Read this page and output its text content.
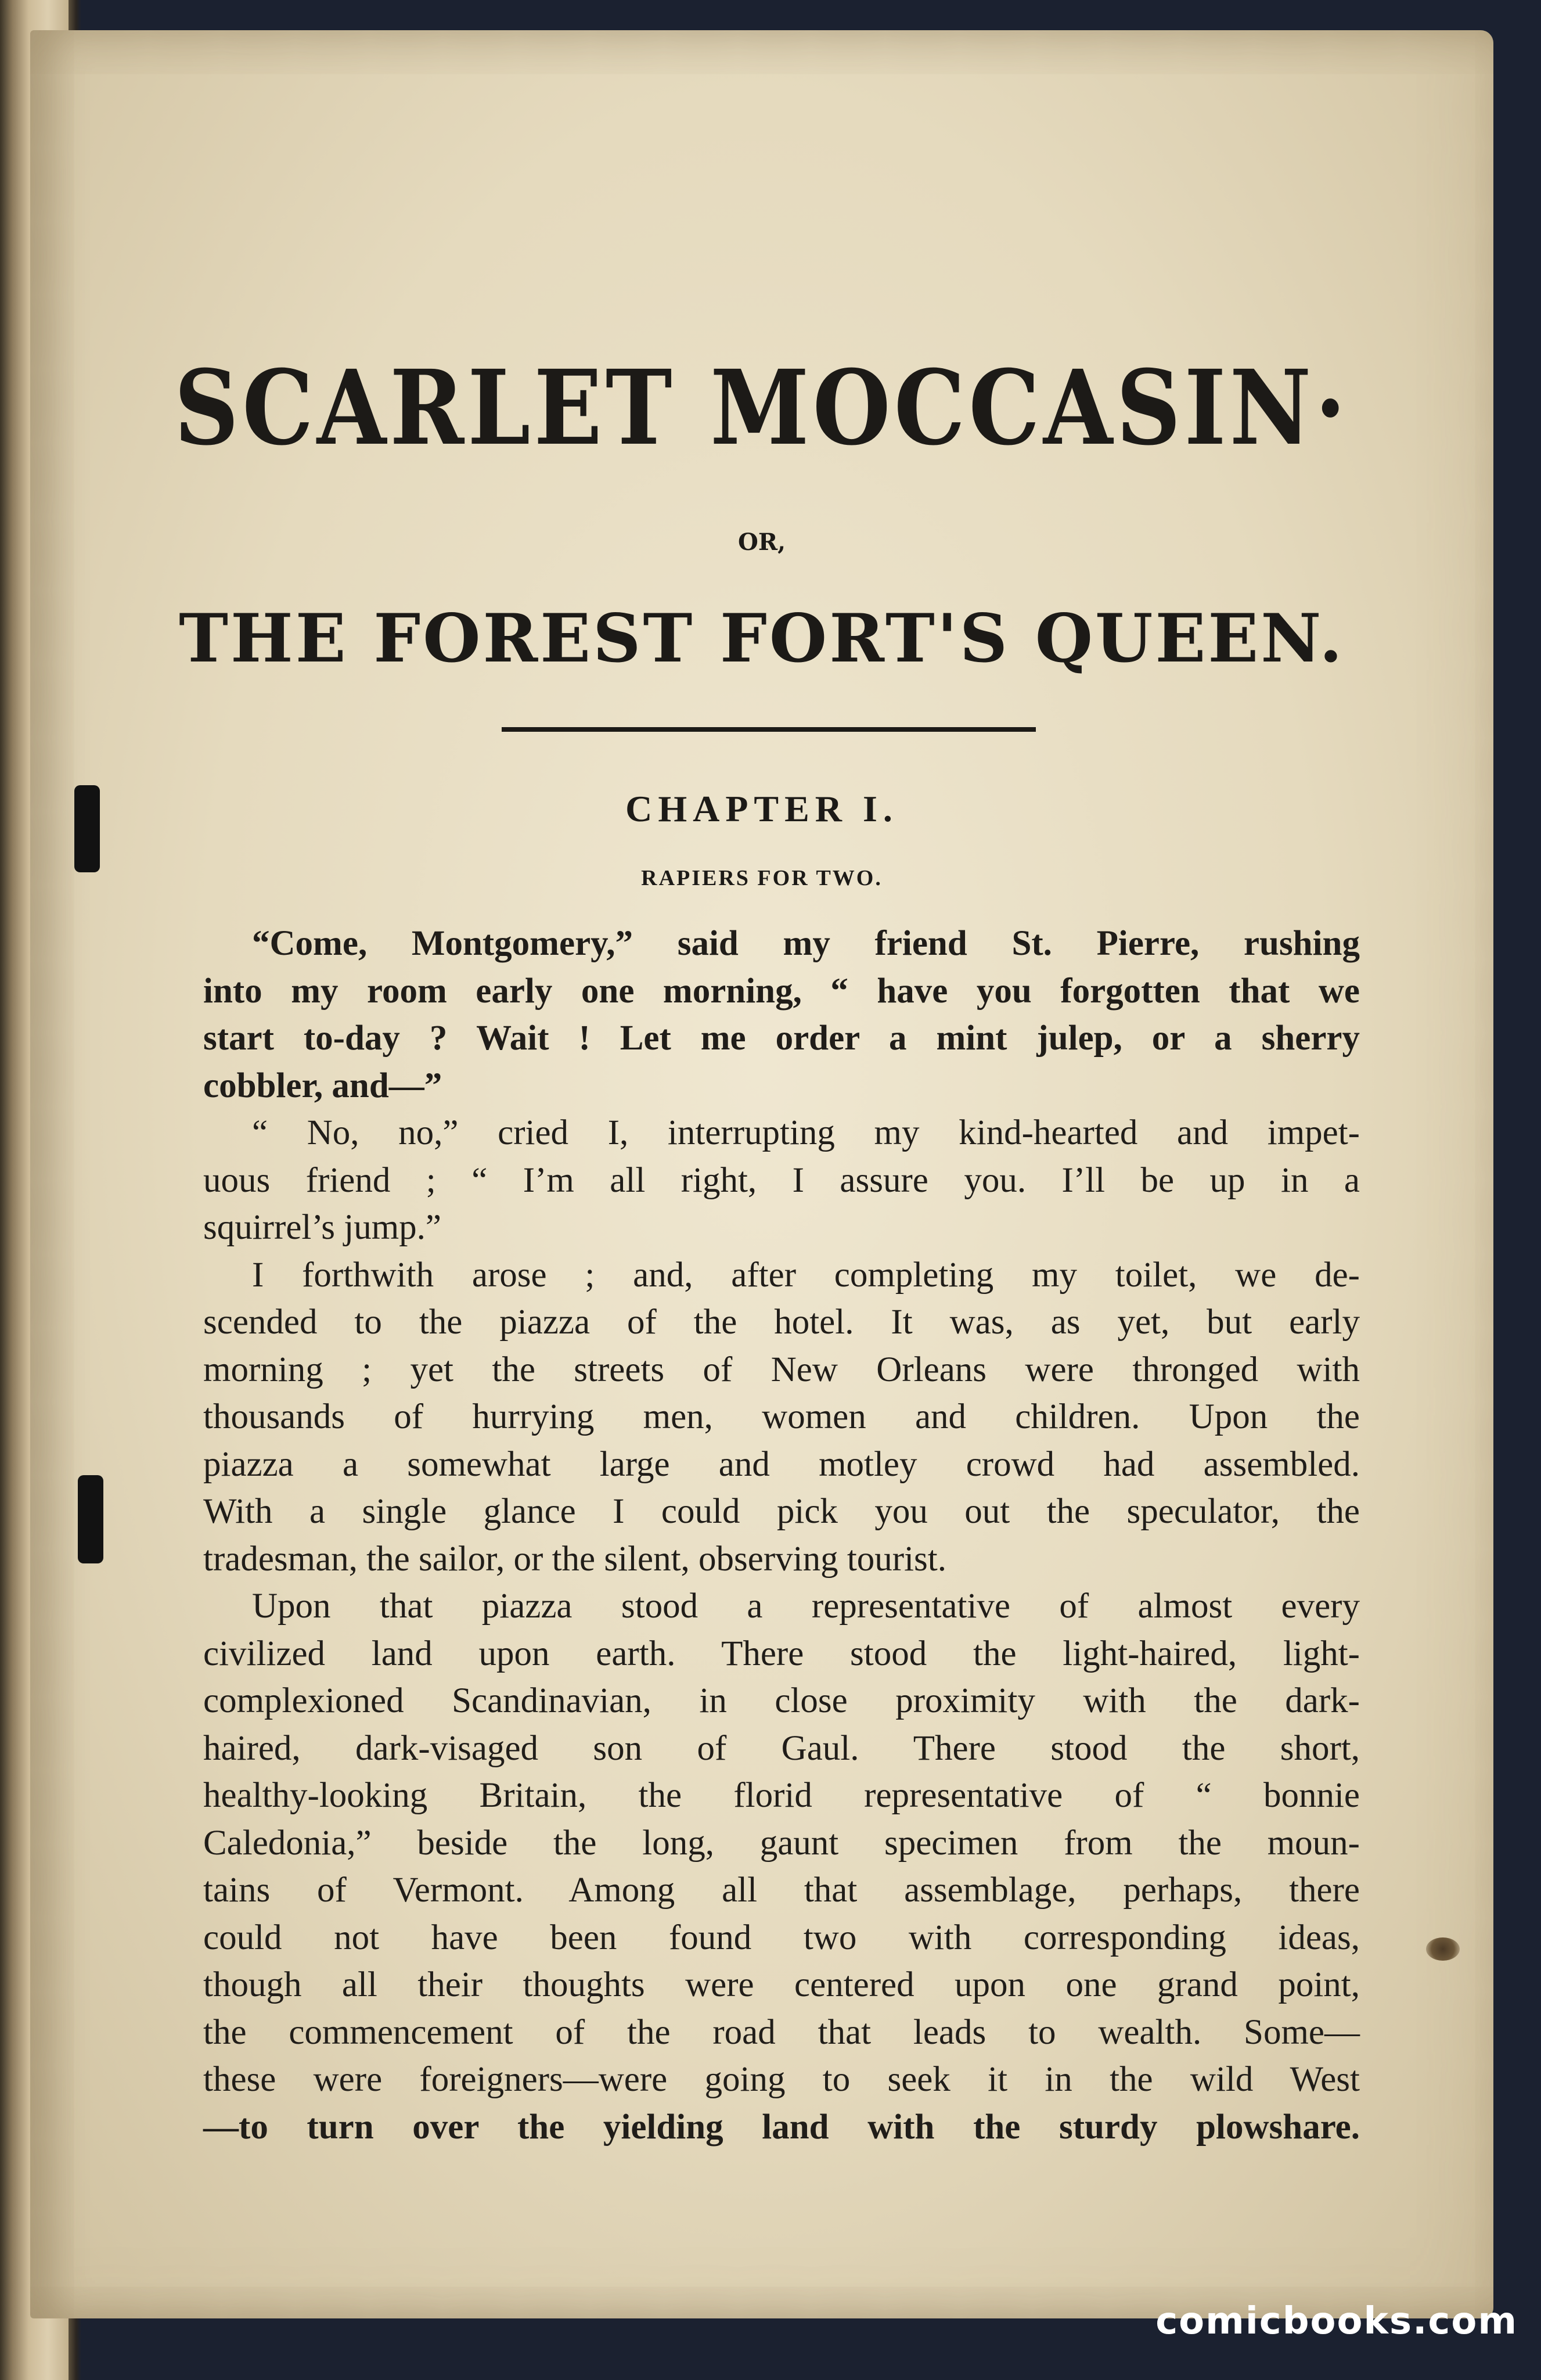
SCARLET MOCCASIN·
OR,
THE FOREST FORT'S QUEEN.
CHAPTER I.
RAPIERS FOR TWO.
“Come, Montgomery,” said my friend St. Pierre, rushing
into my room early one morning, “ have you forgotten that we
start to-day ? Wait ! Let me order a mint julep, or a sherry
cobbler, and—”
“ No, no,” cried I, interrupting my kind-hearted and impet-
uous friend ; “ I’m all right, I assure you. I’ll be up in a
squirrel’s jump.”
I forthwith arose ; and, after completing my toilet, we de-
scended to the piazza of the hotel. It was, as yet, but early
morning ; yet the streets of New Orleans were thronged with
thousands of hurrying men, women and children. Upon the
piazza a somewhat large and motley crowd had assembled.
With a single glance I could pick you out the speculator, the
tradesman, the sailor, or the silent, observing tourist.
Upon that piazza stood a representative of almost every
civilized land upon earth. There stood the light-haired, light-
complexioned Scandinavian, in close proximity with the dark-
haired, dark-visaged son of Gaul. There stood the short,
healthy-looking Britain, the florid representative of “ bonnie
Caledonia,” beside the long, gaunt specimen from the moun-
tains of Vermont. Among all that assemblage, perhaps, there
could not have been found two with corresponding ideas,
though all their thoughts were centered upon one grand point,
the commencement of the road that leads to wealth. Some—
these were foreigners—were going to seek it in the wild West
—to turn over the yielding land with the sturdy plowshare.
comicbooks.com
